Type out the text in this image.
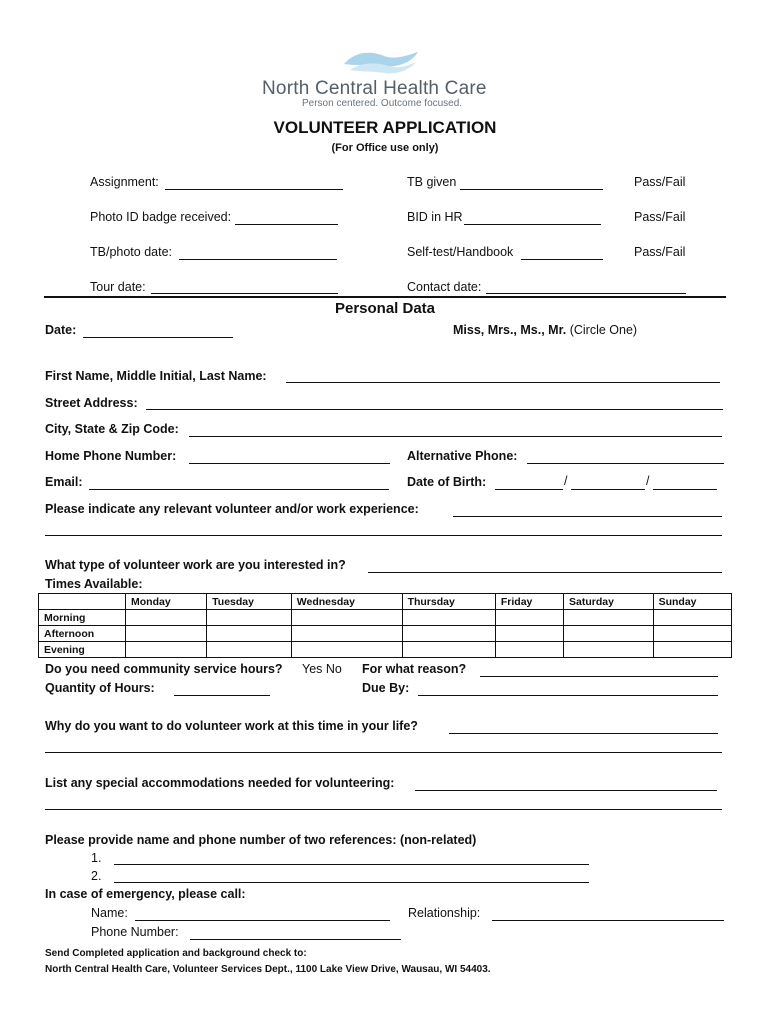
North Central Health Care
Person centered. Outcome focused.
VOLUNTEER APPLICATION
(For Office use only)
Assignment:	TB given	Pass/Fail
Photo ID badge received:	BID in HR	Pass/Fail
TB/photo date:	Self-test/Handbook	Pass/Fail
Tour date:	Contact date:
Personal Data
Date:	Miss, Mrs., Ms., Mr. (Circle One)
First Name, Middle Initial, Last Name:
Street Address:
City, State & Zip Code:
Home Phone Number:	Alternative Phone:
Email:	Date of Birth:	/	/
Please indicate any relevant volunteer and/or work experience:
What type of volunteer work are you interested in?
Times Available:
	Monday	Tuesday	Wednesday	Thursday	Friday	Saturday	Sunday
Morning							
Afternoon							
Evening							
Do you need community service hours? Yes No For what reason?
Quantity of Hours:	Due By:
Why do you want to do volunteer work at this time in your life?
List any special accommodations needed for volunteering:
Please provide name and phone number of two references: (non-related)
1.
2.
In case of emergency, please call:
Name:	Relationship:
Phone Number:
Send Completed application and background check to:
North Central Health Care, Volunteer Services Dept., 1100 Lake View Drive, Wausau, WI 54403.
